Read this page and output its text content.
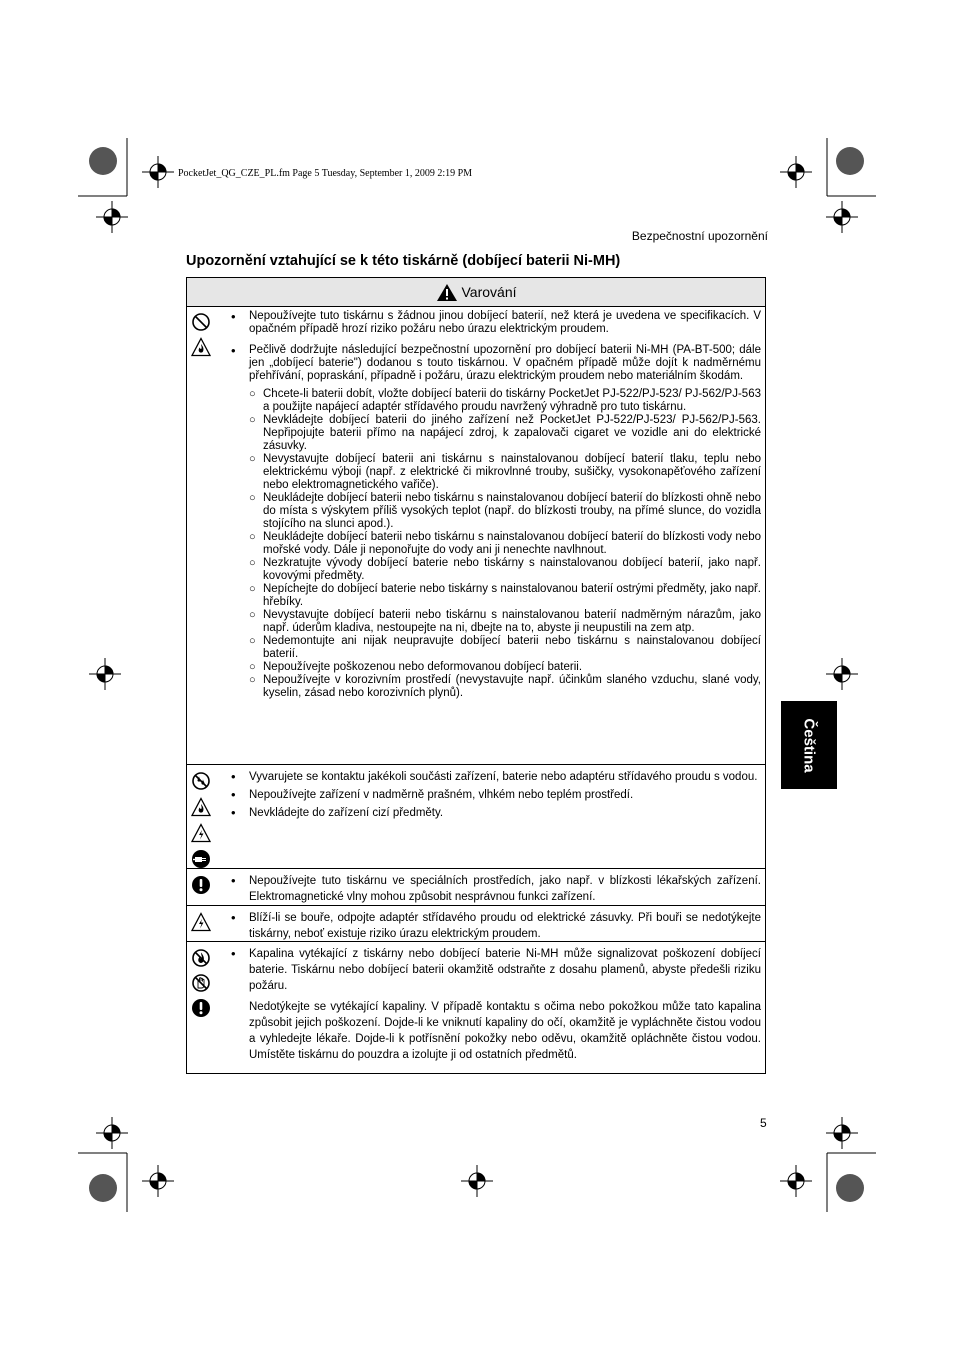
PocketJet_QG_CZE_PL.fm Page 5 Tuesday, September 1, 2009 2:19 PM
Bezpečnostní upozornění
Upozornění vztahující se k této tiskárně (dobíjecí baterii Ni-MH)
Varování
• Nepoužívejte tuto tiskárnu s žádnou jinou dobíjecí baterií, než která je uvedena ve specifikacích. V opačném případě hrozí riziko požáru nebo úrazu elektrickým proudem.
• Pečlivě dodržujte následující bezpečnostní upozornění pro dobíjecí baterii Ni-MH (PA-BT-500; dále jen „dobíjecí baterie") dodanou s touto tiskárnou. V opačném případě může dojít k nadměrnému přehřívání, popraskání, případně i požáru, úrazu elektrickým proudem nebo materiálním škodám.
○ Chcete-li baterii dobít, vložte dobíjecí baterii do tiskárny PocketJet PJ-522/PJ-523/ PJ-562/PJ-563 a použijte napájecí adaptér střídavého proudu navržený výhradně pro tuto tiskárnu.
○ Nevkládejte dobíjecí baterii do jiného zařízení než PocketJet PJ-522/PJ-523/ PJ-562/PJ-563. Nepřipojujte baterii přímo na napájecí zdroj, k zapalovači cigaret ve vozidle ani do elektrické zásuvky.
○ Nevystavujte dobíjecí baterii ani tiskárnu s nainstalovanou dobíjecí baterií tlaku, teplu nebo elektrickému výboji (např. z elektrické či mikrovlnné trouby, sušičky, vysokonapěťového zařízení nebo elektromagnetického vařiče).
○ Neukládejte dobíjecí baterii nebo tiskárnu s nainstalovanou dobíjecí baterií do blízkosti ohně nebo do místa s výskytem příliš vysokých teplot (např. do blízkosti trouby, na přímé slunce, do vozidla stojícího na slunci apod.).
○ Neukládejte dobíjecí baterii nebo tiskárnu s nainstalovanou dobíjecí baterií do blízkosti vody nebo mořské vody. Dále ji neponořujte do vody ani ji nenechte navlhnout.
○ Nezkratujte vývody dobíjecí baterie nebo tiskárny s nainstalovanou dobíjecí baterií, jako např. kovovými předměty.
○ Nepíchejte do dobíjecí baterie nebo tiskárny s nainstalovanou baterií ostrými předměty, jako např. hřebíky.
○ Nevystavujte dobíjecí baterii nebo tiskárnu s nainstalovanou baterií nadměrným nárazům, jako např. úderům kladiva, nestoupejte na ni, dbejte na to, abyste ji neupustili na zem atp.
○ Nedemontujte ani nijak neupravujte dobíjecí baterii nebo tiskárnu s nainstalovanou dobíjecí baterií.
○ Nepoužívejte poškozenou nebo deformovanou dobíjecí baterii.
○ Nepoužívejte v korozivním prostředí (nevystavujte např. účinkům slaného vzduchu, slané vody, kyselin, zásad nebo korozivních plynů).
• Vyvarujete se kontaktu jakékoli součásti zařízení, baterie nebo adaptéru střídavého proudu s vodou.
• Nepoužívejte zařízení v nadměrně prašném, vlhkém nebo teplém prostředí.
• Nevkládejte do zařízení cizí předměty.
• Nepoužívejte tuto tiskárnu ve speciálních prostředích, jako např. v blízkosti lékařských zařízení. Elektromagnetické vlny mohou způsobit nesprávnou funkci zařízení.
• Blíží-li se bouře, odpojte adaptér střídavého proudu od elektrické zásuvky. Při bouři se nedotýkejte tiskárny, neboť existuje riziko úrazu elektrickým proudem.
• Kapalina vytékající z tiskárny nebo dobíjecí baterie Ni-MH může signalizovat poškození dobíjecí baterie. Tiskárnu nebo dobíjecí baterii okamžitě odstraňte z dosahu plamenů, abyste předešli riziku požáru.
Nedotýkejte se vytékající kapaliny. V případě kontaktu s očima nebo pokožkou může tato kapalina způsobit jejich poškození. Dojde-li ke vniknutí kapaliny do očí, okamžitě je vypláchněte čistou vodou a vyhledejte lékaře. Dojde-li k potřísnění pokožky nebo oděvu, okamžitě opláchněte čistou vodou. Umístěte tiskárnu do pouzdra a izolujte ji od ostatních předmětů.
Čeština
5
